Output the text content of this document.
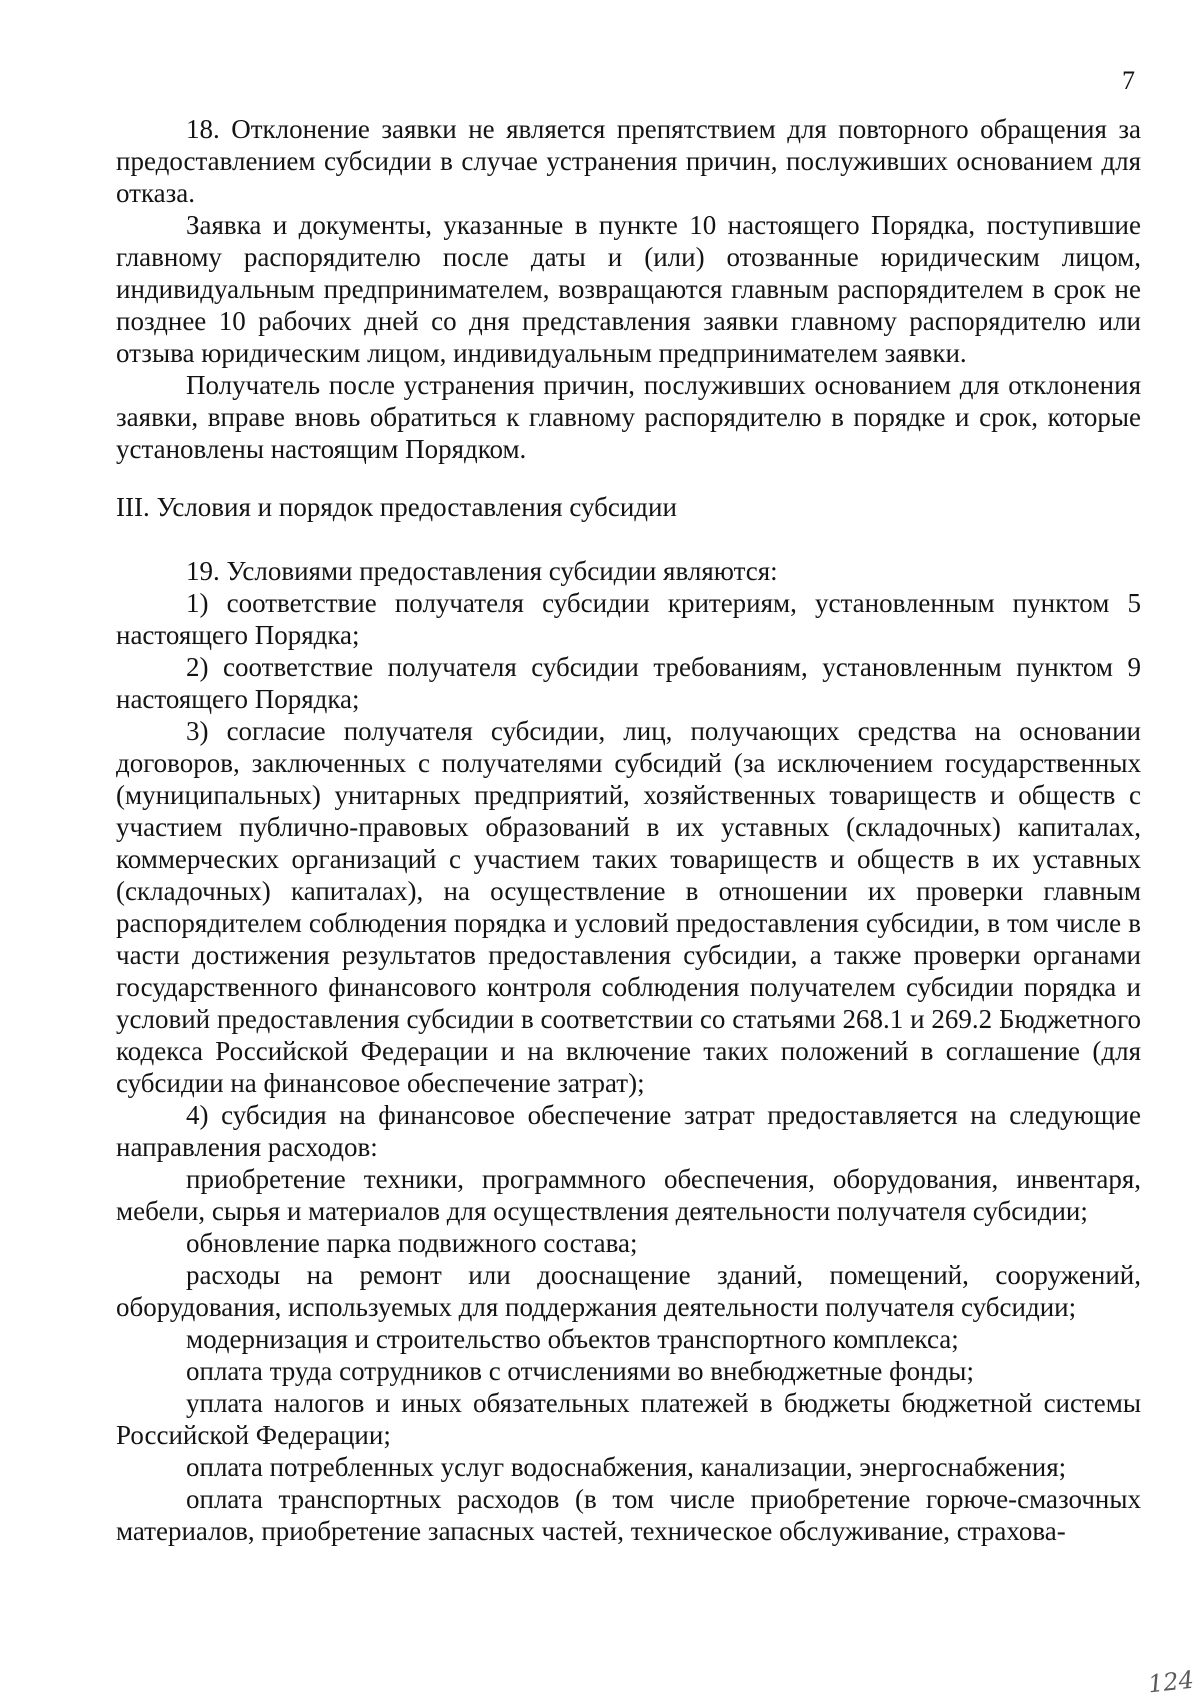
7

18. Отклонение заявки не является препятствием для повторного обращения за предоставлением субсидии в случае устранения причин, послуживших основанием для отказа.

Заявка и документы, указанные в пункте 10 настоящего Порядка, поступившие главному распорядителю после даты и (или) отозванные юридическим лицом, индивидуальным предпринимателем, возвращаются главным распорядителем в срок не позднее 10 рабочих дней со дня представления заявки главному распорядителю или отзыва юридическим лицом, индивидуальным предпринимателем заявки.

Получатель после устранения причин, послуживших основанием для отклонения заявки, вправе вновь обратиться к главному распорядителю в порядке и срок, которые установлены настоящим Порядком.

III. Условия и порядок предоставления субсидии

19. Условиями предоставления субсидии являются:

1) соответствие получателя субсидии критериям, установленным пунктом 5 настоящего Порядка;

2) соответствие получателя субсидии требованиям, установленным пунктом 9 настоящего Порядка;

3) согласие получателя субсидии, лиц, получающих средства на основании договоров, заключенных с получателями субсидий (за исключением государственных (муниципальных) унитарных предприятий, хозяйственных товариществ и обществ с участием публично-правовых образований в их уставных (складочных) капиталах, коммерческих организаций с участием таких товариществ и обществ в их уставных (складочных) капиталах), на осуществление в отношении их проверки главным распорядителем соблюдения порядка и условий предоставления субсидии, в том числе в части достижения результатов предоставления субсидии, а также проверки органами государственного финансового контроля соблюдения получателем субсидии порядка и условий предоставления субсидии в соответствии со статьями 268.1 и 269.2 Бюджетного кодекса Российской Федерации и на включение таких положений в соглашение (для субсидии на финансовое обеспечение затрат);

4) субсидия на финансовое обеспечение затрат предоставляется на следующие направления расходов:

приобретение техники, программного обеспечения, оборудования, инвентаря, мебели, сырья и материалов для осуществления деятельности получателя субсидии;

обновление парка подвижного состава;

расходы на ремонт или дооснащение зданий, помещений, сооружений, оборудования, используемых для поддержания деятельности получателя субсидии;

модернизация и строительство объектов транспортного комплекса;

оплата труда сотрудников с отчислениями во внебюджетные фонды;

уплата налогов и иных обязательных платежей в бюджеты бюджетной системы Российской Федерации;

оплата потребленных услуг водоснабжения, канализации, энергоснабжения;

оплата транспортных расходов (в том числе приобретение горюче-смазочных материалов, приобретение запасных частей, техническое обслуживание, страхова-

124
